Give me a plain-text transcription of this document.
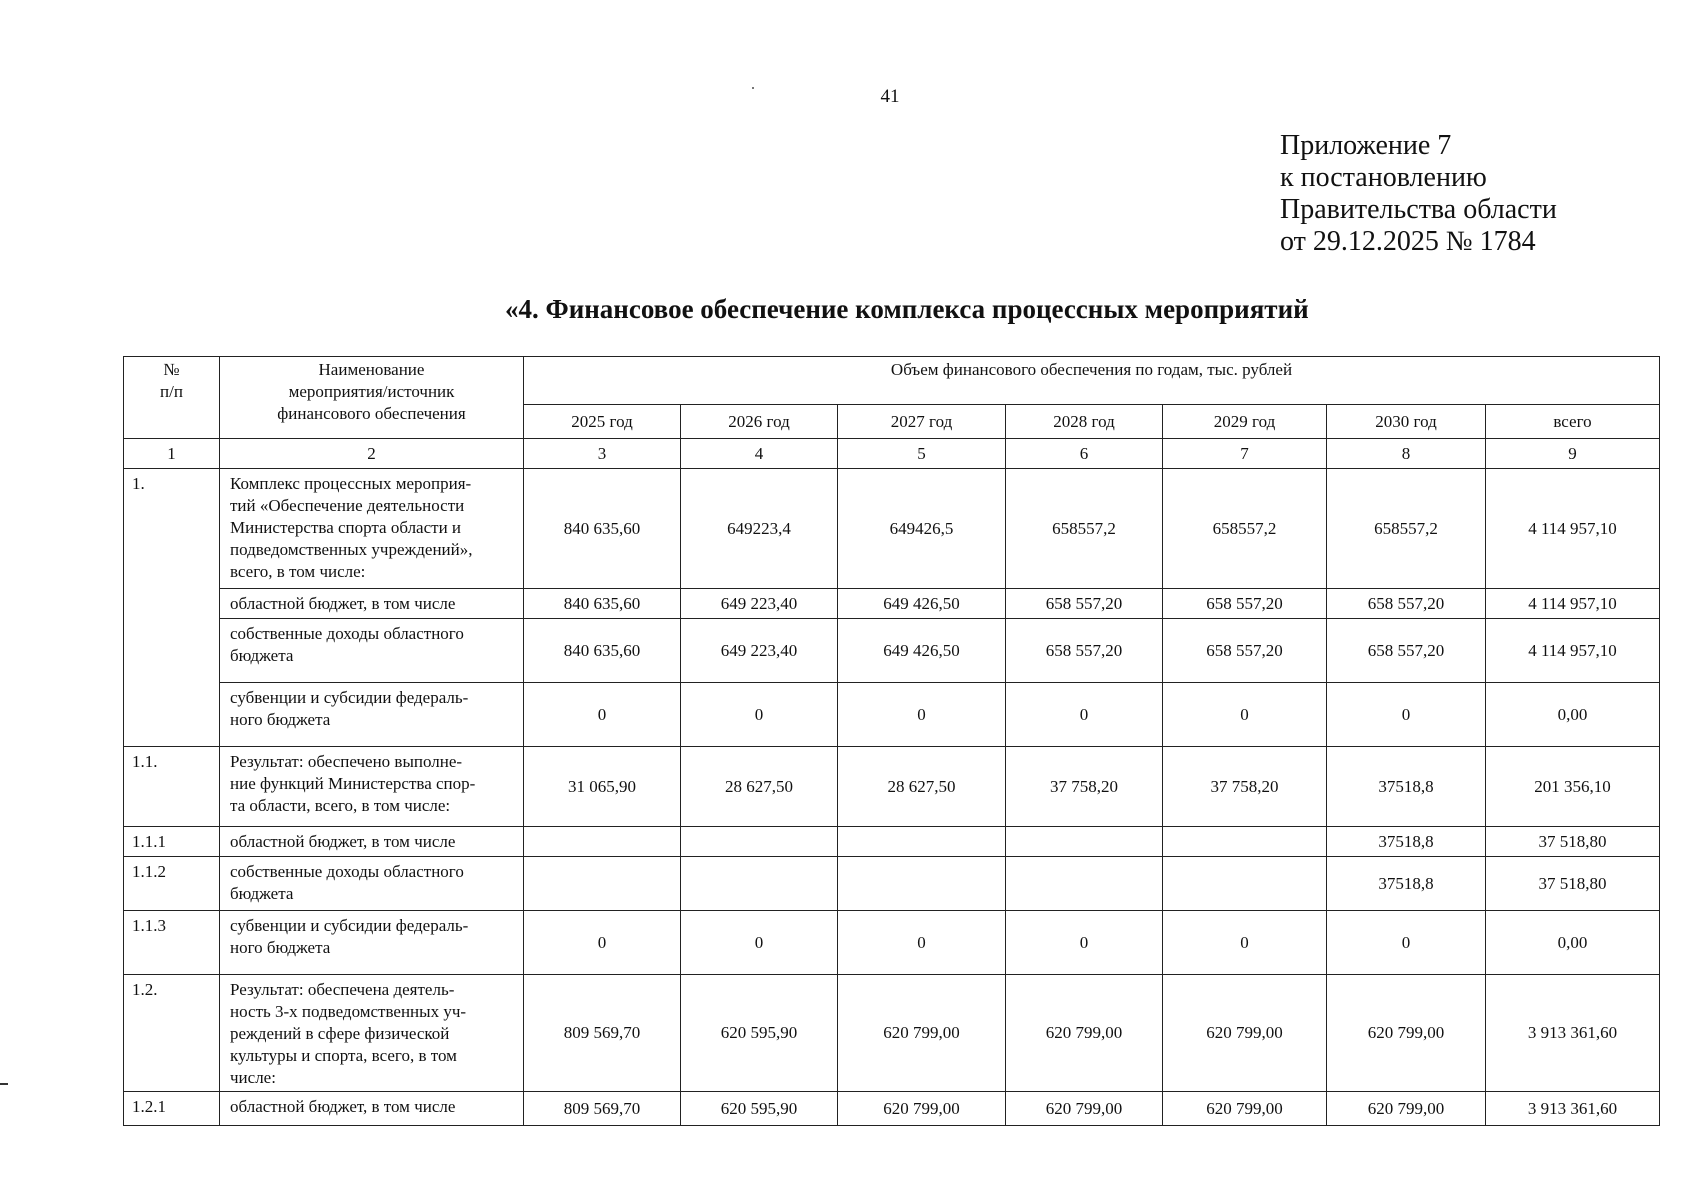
41
Приложение 7
к постановлению
Правительства области
от 29.12.2025 № 1784
«4. Финансовое обеспечение комплекса процессных мероприятий
№
п/п	Наименование
мероприятия/источник
финансового обеспечения	Объем финансового обеспечения по годам, тыс. рублей						
		2025 год	2026 год	2027 год	2028 год	2029 год	2030 год	всего
1	2	3	4	5	6	7	8	9
1.	Комплекс процессных мероприя-
тий «Обеспечение деятельности
Министерства спорта области и
подведомственных учреждений»,
всего, в том числе:	840 635,60	649223,4	649426,5	658557,2	658557,2	658557,2	4 114 957,10
	областной бюджет, в том числе	840 635,60	649 223,40	649 426,50	658 557,20	658 557,20	658 557,20	4 114 957,10
	собственные доходы областного
бюджета	840 635,60	649 223,40	649 426,50	658 557,20	658 557,20	658 557,20	4 114 957,10
	субвенции и субсидии федераль-
ного бюджета	0	0	0	0	0	0	0,00
1.1.	Результат: обеспечено выполне-
ние функций Министерства спор-
та области, всего, в том числе:	31 065,90	28 627,50	28 627,50	37 758,20	37 758,20	37518,8	201 356,10
1.1.1	областной бюджет, в том числе						37518,8	37 518,80
1.1.2	собственные доходы областного
бюджета						37518,8	37 518,80
1.1.3	субвенции и субсидии федераль-
ного бюджета	0	0	0	0	0	0	0,00
1.2.	Результат: обеспечена деятель-
ность 3-х подведомственных уч-
реждений в сфере физической
культуры и спорта, всего, в том
числе:	809 569,70	620 595,90	620 799,00	620 799,00	620 799,00	620 799,00	3 913 361,60
1.2.1	областной бюджет, в том числе	809 569,70	620 595,90	620 799,00	620 799,00	620 799,00	620 799,00	3 913 361,60
